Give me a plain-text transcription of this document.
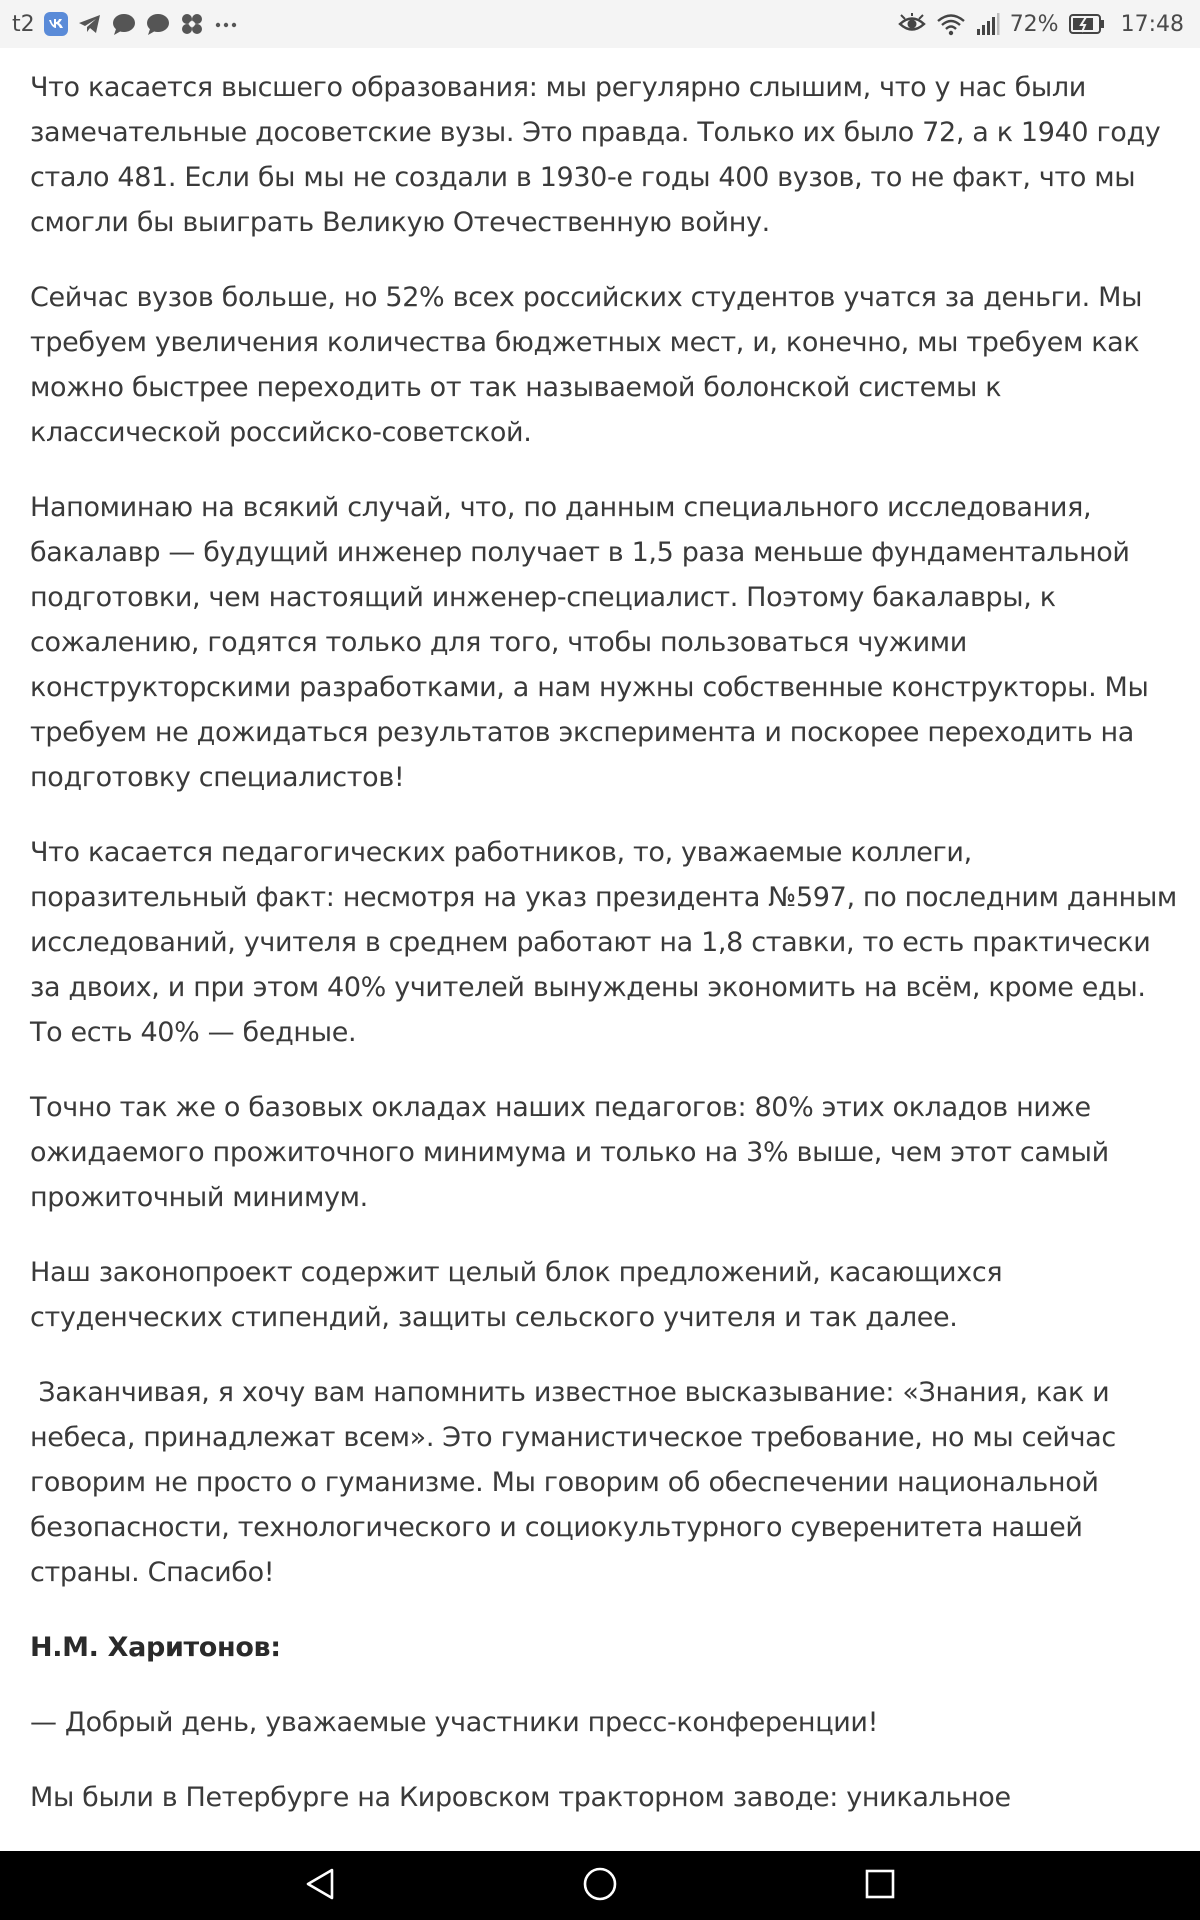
t2	72%	17:48

Что касается высшего образования: мы регулярно слышим, что у нас были замечательные досоветские вузы. Это правда. Только их было 72, а к 1940 году стало 481. Если бы мы не создали в 1930-е годы 400 вузов, то не факт, что мы смогли бы выиграть Великую Отечественную войну.

Сейчас вузов больше, но 52% всех российских студентов учатся за деньги. Мы требуем увеличения количества бюджетных мест, и, конечно, мы требуем как можно быстрее переходить от так называемой болонской системы к классической российско-советской.

Напоминаю на всякий случай, что, по данным специального исследования, бакалавр — будущий инженер получает в 1,5 раза меньше фундаментальной подготовки, чем настоящий инженер-специалист. Поэтому бакалавры, к сожалению, годятся только для того, чтобы пользоваться чужими конструкторскими разработками, а нам нужны собственные конструкторы. Мы требуем не дожидаться результатов эксперимента и поскорее переходить на подготовку специалистов!

Что касается педагогических работников, то, уважаемые коллеги, поразительный факт: несмотря на указ президента №597, по последним данным исследований, учителя в среднем работают на 1,8 ставки, то есть практически за двоих, и при этом 40% учителей вынуждены экономить на всём, кроме еды. То есть 40% — бедные.

Точно так же о базовых окладах наших педагогов: 80% этих окладов ниже ожидаемого прожиточного минимума и только на 3% выше, чем этот самый прожиточный минимум.

Наш законопроект содержит целый блок предложений, касающихся студенческих стипендий, защиты сельского учителя и так далее.

Заканчивая, я хочу вам напомнить известное высказывание: «Знания, как и небеса, принадлежат всем». Это гуманистическое требование, но мы сейчас говорим не просто о гуманизме. Мы говорим об обеспечении национальной безопасности, технологического и социокультурного суверенитета нашей страны. Спасибо!

Н.М. Харитонов:

— Добрый день, уважаемые участники пресс-конференции!

Мы были в Петербурге на Кировском тракторном заводе: уникальное
